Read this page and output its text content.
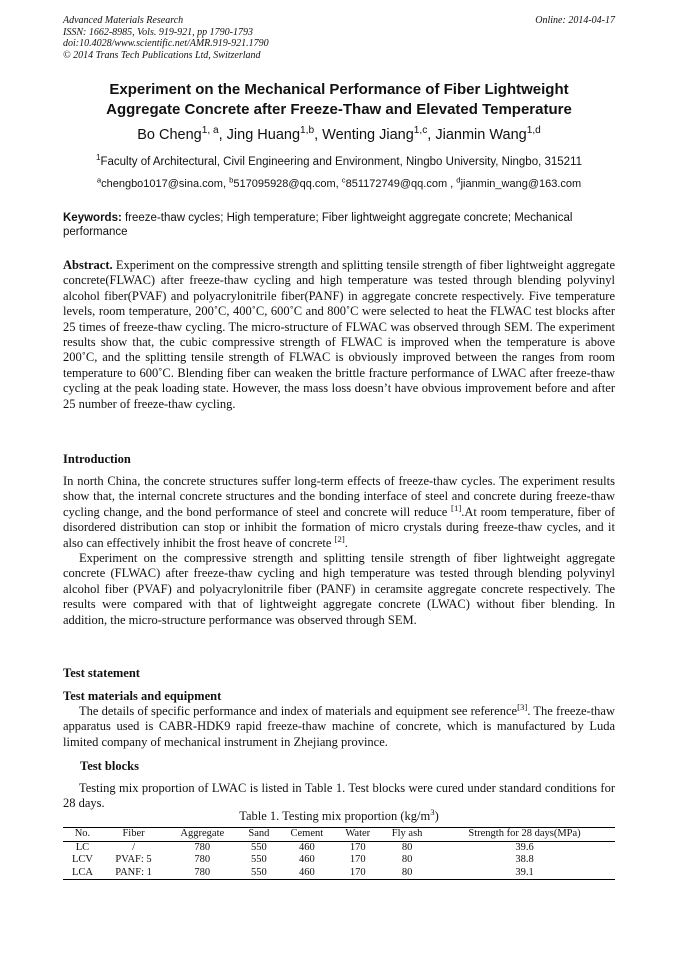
Advanced Materials Research
ISSN: 1662-8985, Vols. 919-921, pp 1790-1793
doi:10.4028/www.scientific.net/AMR.919-921.1790
© 2014 Trans Tech Publications Ltd, Switzerland
Online: 2014-04-17
Experiment on the Mechanical Performance of Fiber Lightweight
Aggregate Concrete after Freeze-Thaw and Elevated Temperature
Bo Cheng$^{1, a}$, Jing Huang$^{1,b}$, Wenting Jiang$^{1,c}$, Jianmin Wang$^{1,d}$
$^1$Faculty of Architectural, Civil Engineering and Environment, Ningbo University, Ningbo, 315211
$^a$chengbo1017@sina.com, $^b$517095928@qq.com, $^c$851172749@qq.com , $^d$jianmin_wang@163.com
Keywords: freeze-thaw cycles; High temperature; Fiber lightweight aggregate concrete; Mechanical performance
Abstract. Experiment on the compressive strength and splitting tensile strength of fiber lightweight aggregate concrete(FLWAC) after freeze-thaw cycling and high temperature was tested through blending polyvinyl alcohol fiber(PVAF) and polyacrylonitrile fiber(PANF) in aggregate concrete respectively. Five temperature levels, room temperature, 200˚C, 400˚C, 600˚C and 800˚C were selected to heat the FLWAC test blocks after 25 times of freeze-thaw cycling. The micro-structure of FLWAC was observed through SEM. The experiment results show that, the cubic compressive strength of FLWAC is improved when the temperature is above 200˚C, and the splitting tensile strength of FLWAC is obviously improved between the ranges from room temperature to 600˚C. Blending fiber can weaken the brittle fracture performance of LWAC after freeze-thaw cycling at the peak loading state. However, the mass loss doesn’t have obvious improvement before and after 25 number of freeze-thaw cycling.
Introduction
In north China, the concrete structures suffer long-term effects of freeze-thaw cycles. The experiment results show that, the internal concrete structures and the bonding interface of steel and concrete during freeze-thaw cycling change, and the bond performance of steel and concrete will reduce [1].At room temperature, fiber of disordered distribution can stop or inhibit the formation of micro crystals during freeze-thaw cycles, and it also can effectively inhibit the frost heave of concrete [2].
Experiment on the compressive strength and splitting tensile strength of fiber lightweight aggregate concrete (FLWAC) after freeze-thaw cycling and high temperature was tested through blending polyvinyl alcohol fiber (PVAF) and polyacrylonitrile fiber (PANF) in ceramsite aggregate concrete respectively. The results were compared with that of lightweight aggregate concrete (LWAC) without fiber blending. In addition, the micro-structure performance was observed through SEM.
Test statement
Test materials and equipment
The details of specific performance and index of materials and equipment see reference[3]. The freeze-thaw apparatus used is CABR-HDK9 rapid freeze-thaw machine of concrete, which is manufactured by Luda limited company of mechanical instrument in Zhejiang province.
Test blocks
Testing mix proportion of LWAC is listed in Table 1. Test blocks were cured under standard conditions for 28 days.
Table 1. Testing mix proportion $(kg/m^3)$
No.	Fiber	Aggregate	Sand	Cement	Water	Fly ash	Strength for 28 days(MPa)
LC	/	780	550	460	170	80	39.6
LCV	PVAF: 5	780	550	460	170	80	38.8
LCA	PANF: 1	780	550	460	170	80	39.1
